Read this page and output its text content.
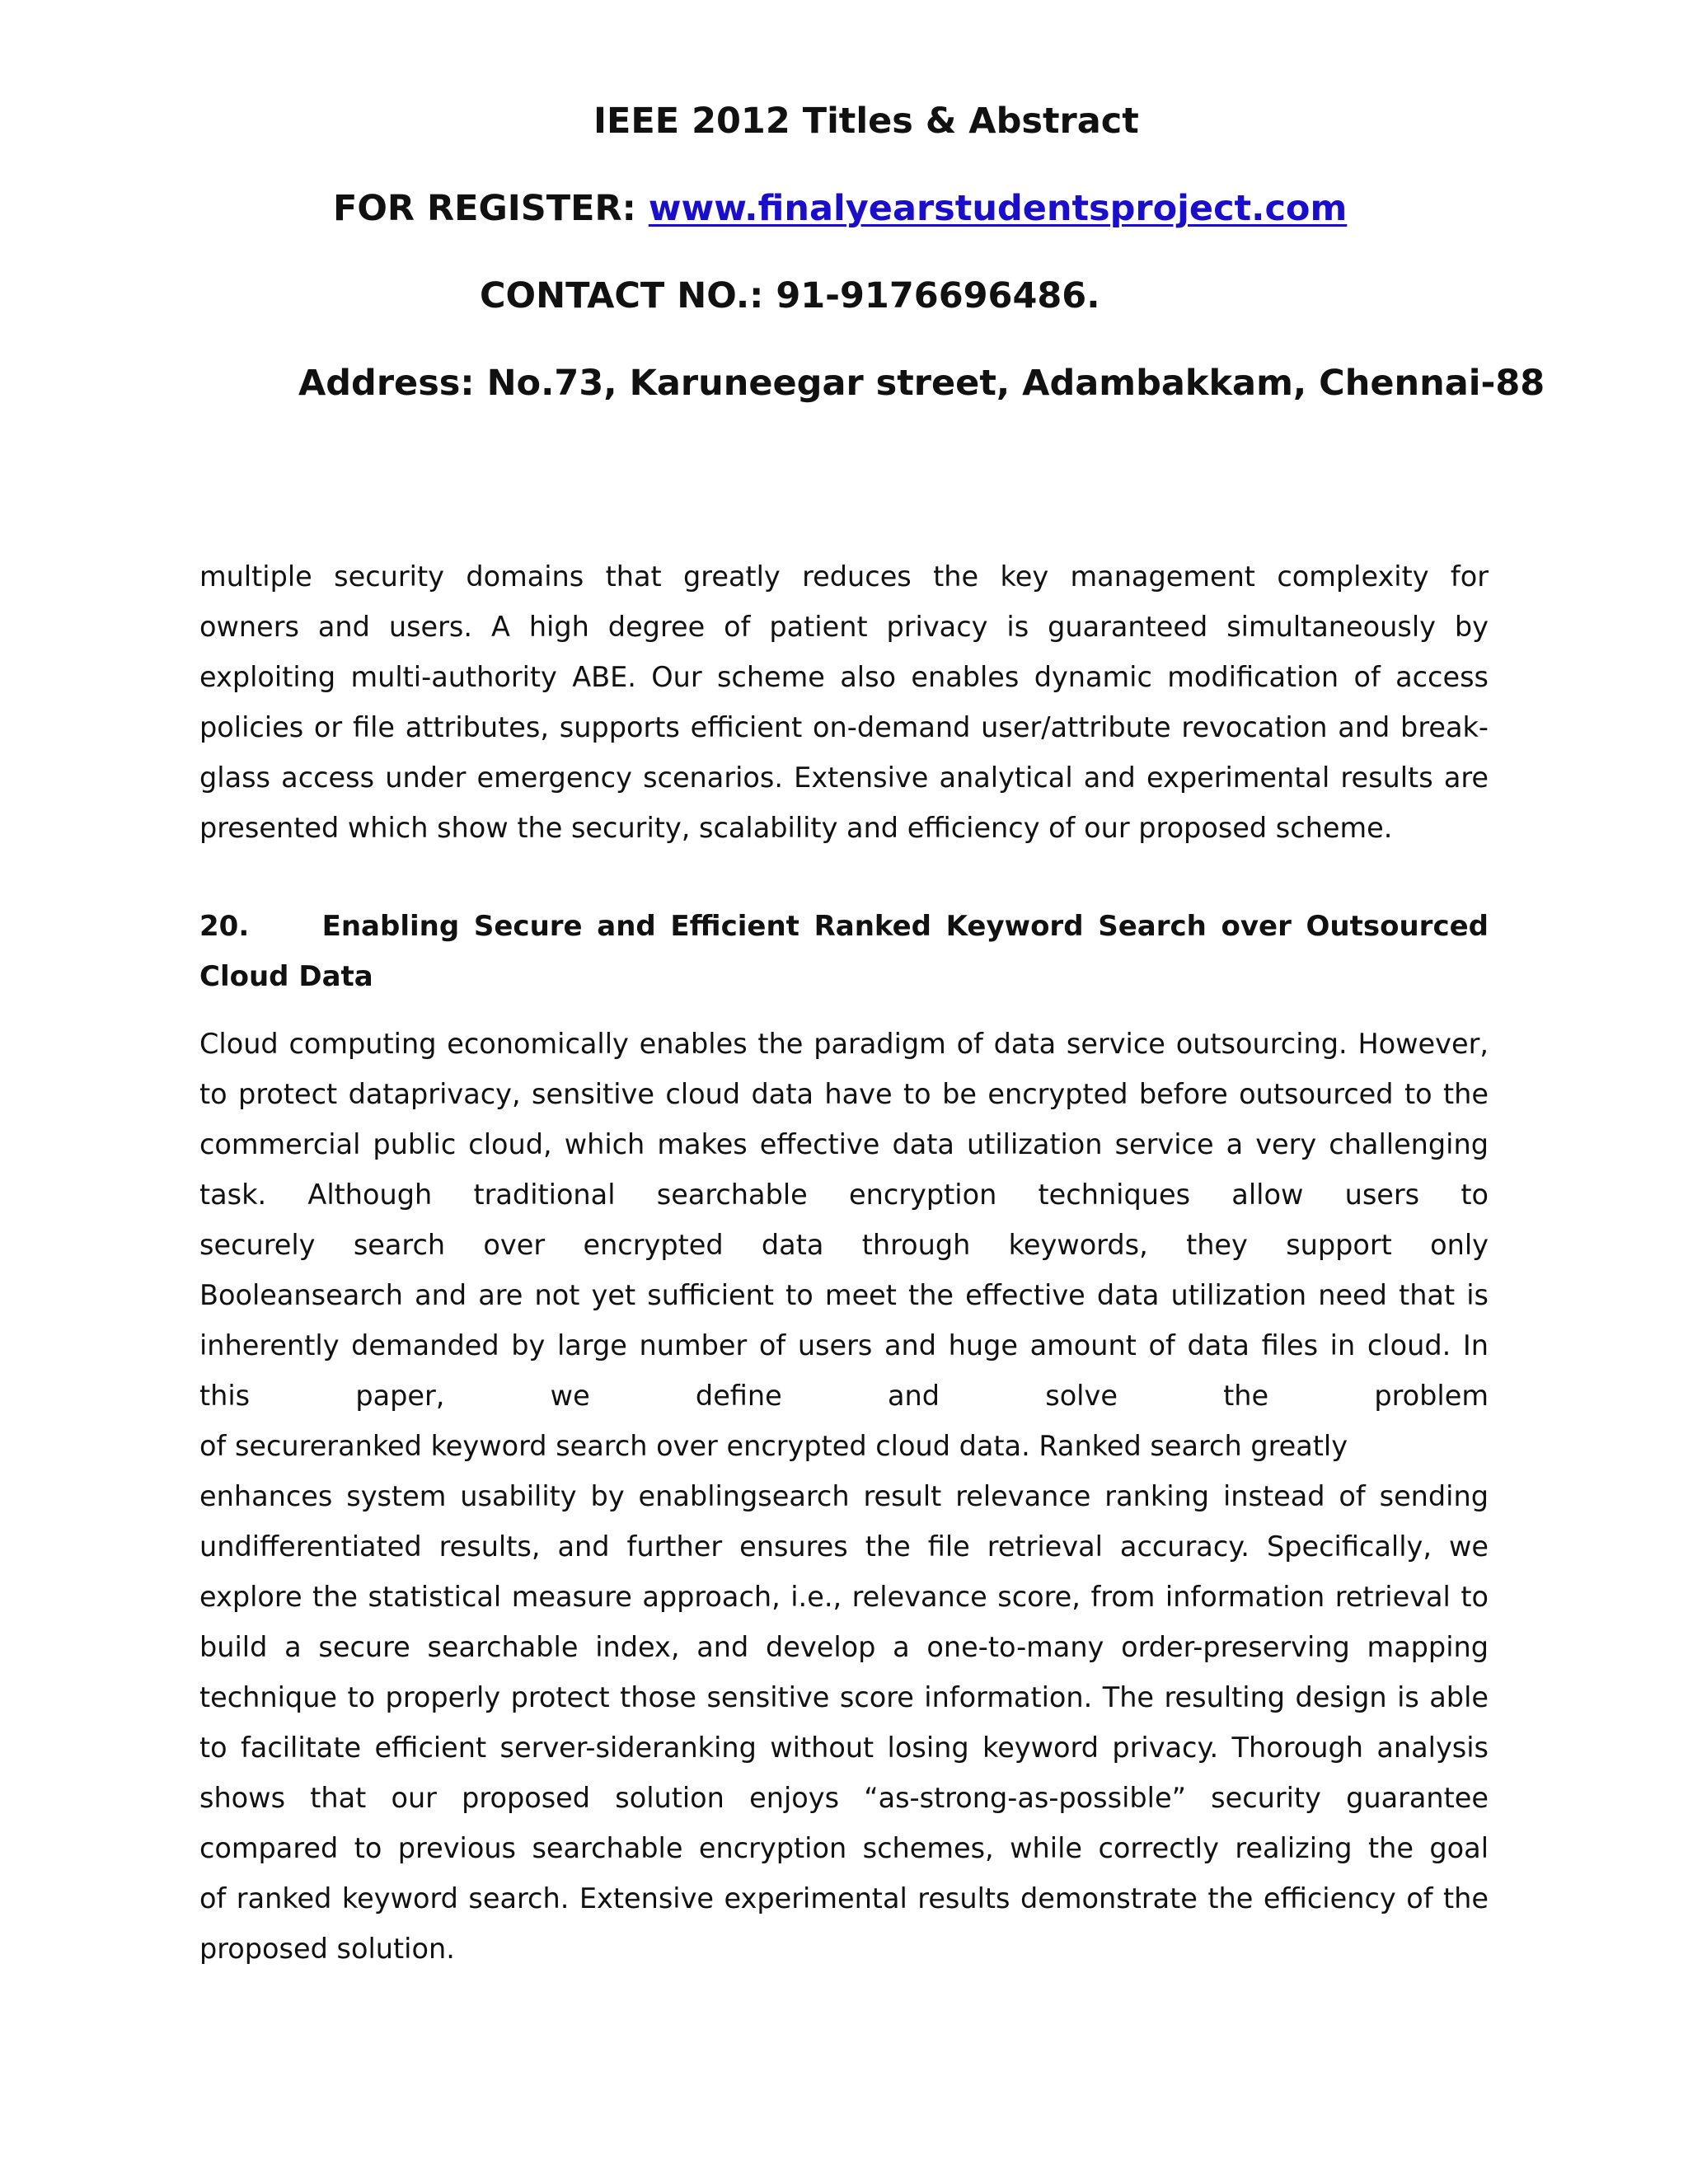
IEEE 2012 Titles & Abstract
FOR REGISTER: www.finalyearstudentsproject.com
CONTACT NO.: 91-9176696486.
Address: No.73, Karuneegar street, Adambakkam, Chennai-88
multiple security domains that greatly reduces the key management complexity for
owners and users. A high degree of patient privacy is guaranteed simultaneously by
exploiting multi-authority ABE. Our scheme also enables dynamic modification of access
policies or file attributes, supports efficient on-demand user/attribute revocation and break-
glass access under emergency scenarios. Extensive analytical and experimental results are
presented which show the security, scalability and efficiency of our proposed scheme.
20.	Enabling Secure and Efficient Ranked Keyword Search over Outsourced
Cloud Data
Cloud computing economically enables the paradigm of data service outsourcing. However,
to protect dataprivacy, sensitive cloud data have to be encrypted before outsourced to the
commercial public cloud, which makes effective data utilization service a very challenging
task. Although traditional searchable encryption techniques allow users to
securely search over encrypted data through keywords, they support only
Booleansearch and are not yet sufficient to meet the effective data utilization need that is
inherently demanded by large number of users and huge amount of data files in cloud. In
this paper, we define and solve the problem
of secureranked keyword search over encrypted cloud data. Ranked search greatly
enhances system usability by enablingsearch result relevance ranking instead of sending
undifferentiated results, and further ensures the file retrieval accuracy. Specifically, we
explore the statistical measure approach, i.e., relevance score, from information retrieval to
build a secure searchable index, and develop a one-to-many order-preserving mapping
technique to properly protect those sensitive score information. The resulting design is able
to facilitate efficient server-sideranking without losing keyword privacy. Thorough analysis
shows that our proposed solution enjoys “as-strong-as-possible” security guarantee
compared to previous searchable encryption schemes, while correctly realizing the goal
of ranked keyword search. Extensive experimental results demonstrate the efficiency of the
proposed solution.
